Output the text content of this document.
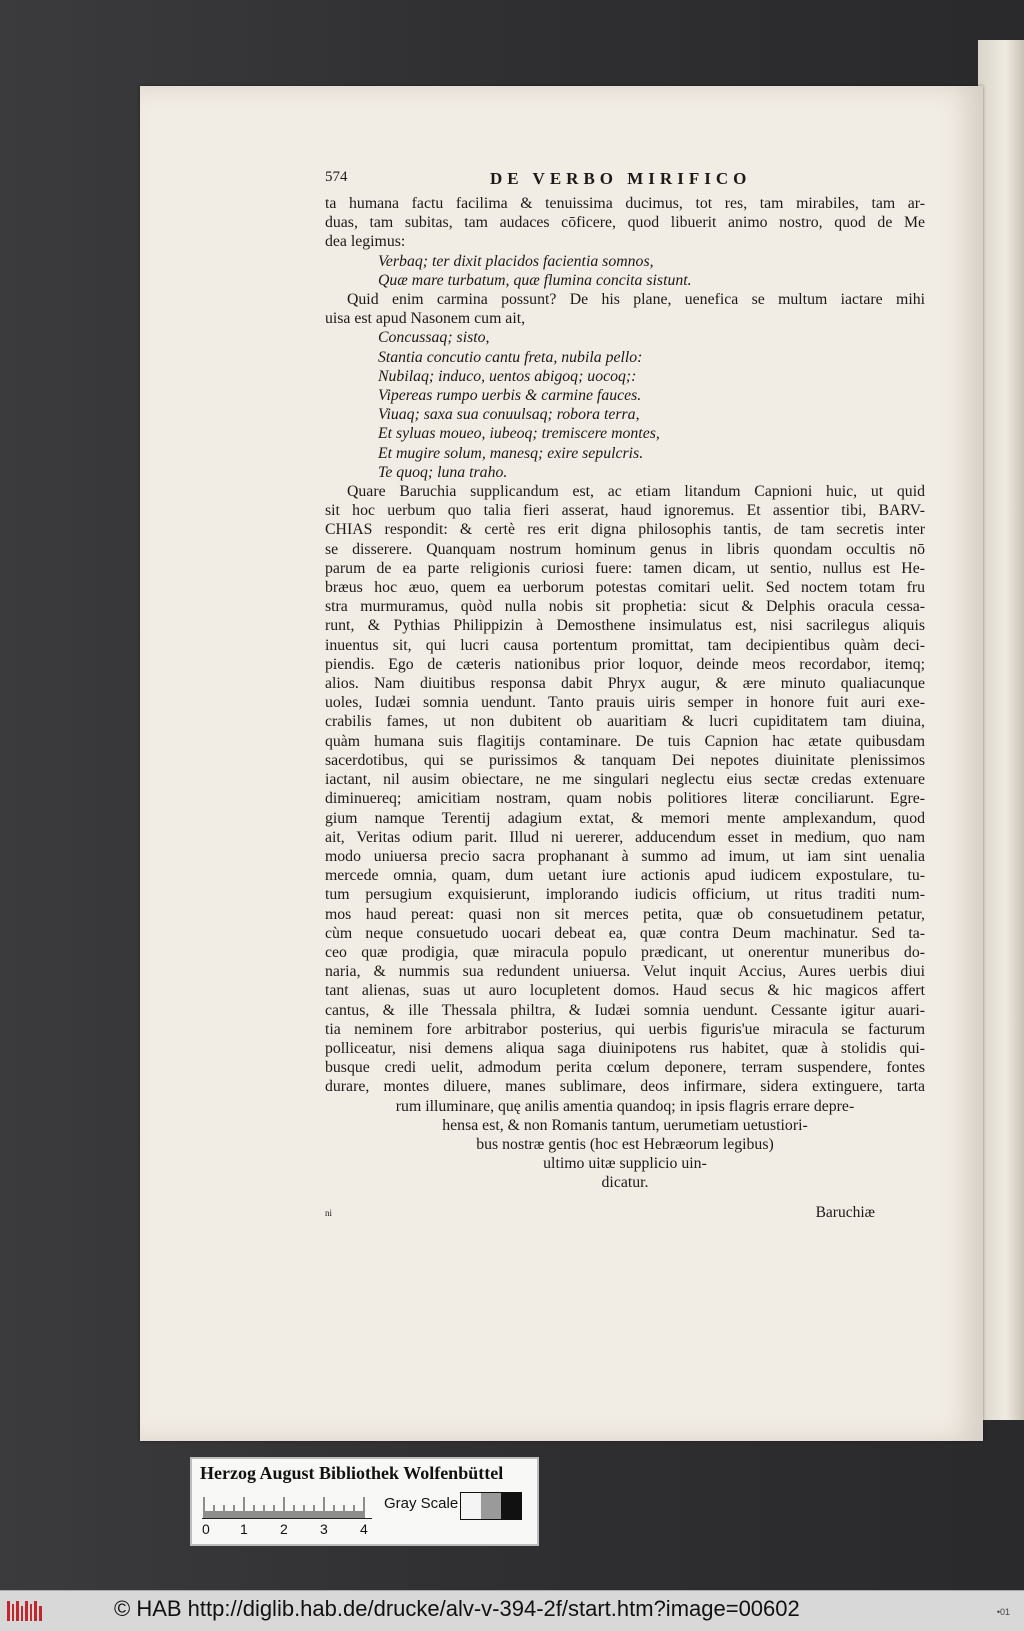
574	DE VERBO MIRIFICO
ta humana factu facilima & tenuissima ducimus, tot res, tam mirabiles, tam ar-
duas, tam subitas, tam audaces cōficere, quod libuerit animo nostro, quod de Me
dea legimus:
Verbaq; ter dixit placidos facientia somnos,
Quæ mare turbatum, quæ flumina concita sistunt.
Quid enim carmina possunt? De his plane, uenefica se multum iactare mihi
uisa est apud Nasonem cum ait,
Concussaq; sisto,
Stantia concutio cantu freta, nubila pello:
Nubilaq; induco, uentos abigoq; uocoq;:
Vipereas rumpo uerbis & carmine fauces.
Viuaq; saxa sua conuulsaq; robora terra,
Et syluas moueo, iubeoq; tremiscere montes,
Et mugire solum, manesq; exire sepulcris.
Te quoq; luna traho.
Quare Baruchia supplicandum est, ac etiam litandum Capnioni huic, ut quid
sit hoc uerbum quo talia fieri asserat, haud ignoremus. Et assentior tibi, BARV-
CHIAS respondit: & certè res erit digna philosophis tantis, de tam secretis inter
se disserere. Quanquam nostrum hominum genus in libris quondam occultis nō
parum de ea parte religionis curiosi fuere: tamen dicam, ut sentio, nullus est He-
bræus hoc æuo, quem ea uerborum potestas comitari uelit. Sed noctem totam fru
stra murmuramus, quòd nulla nobis sit prophetia: sicut & Delphis oracula cessa-
runt, & Pythias Philippizin à Demosthene insimulatus est, nisi sacrilegus aliquis
inuentus sit, qui lucri causa portentum promittat, tam decipientibus quàm deci-
piendis. Ego de cæteris nationibus prior loquor, deinde meos recordabor, itemq;
alios. Nam diuitibus responsa dabit Phryx augur, & ære minuto qualiacunque
uoles, Iudæi somnia uendunt. Tanto prauis uiris semper in honore fuit auri exe-
crabilis fames, ut non dubitent ob auaritiam & lucri cupiditatem tam diuina,
quàm humana suis flagitijs contaminare. De tuis Capnion hac ætate quibusdam
sacerdotibus, qui se purissimos & tanquam Dei nepotes diuinitate plenissimos
iactant, nil ausim obiectare, ne me singulari neglectu eius sectæ credas extenuare
diminuereq; amicitiam nostram, quam nobis politiores literæ conciliarunt. Egre-
gium namque Terentij adagium extat, & memori mente amplexandum, quod
ait, Veritas odium parit. Illud ni uererer, adducendum esset in medium, quo nam
modo uniuersa precio sacra prophanant à summo ad imum, ut iam sint uenalia
mercede omnia, quam, dum uetant iure actionis apud iudicem expostulare, tu-
tum persugium exquisierunt, implorando iudicis officium, ut ritus traditi num-
mos haud pereat: quasi non sit merces petita, quæ ob consuetudinem petatur,
cùm neque consuetudo uocari debeat ea, quæ contra Deum machinatur. Sed ta-
ceo quæ prodigia, quæ miracula populo prædicant, ut onerentur muneribus do-
naria, & nummis sua redundent uniuersa. Velut inquit Accius, Aures uerbis diui
tant alienas, suas ut auro locupletent domos. Haud secus & hic magicos affert
cantus, & ille Thessala philtra, & Iudæi somnia uendunt. Cessante igitur auari-
tia neminem fore arbitrabor posterius, qui uerbis figuris'ue miracula se facturum
polliceatur, nisi demens aliqua saga diuinipotens rus habitet, quæ à stolidis qui-
busque credi uelit, admodum perita cœlum deponere, terram suspendere, fontes
durare, montes diluere, manes sublimare, deos infirmare, sidera extinguere, tarta
rum illuminare, quę anilis amentia quandoq; in ipsis flagris errare depre-
hensa est, & non Romanis tantum, uerumetiam uetustiori-
bus nostræ gentis (hoc est Hebræorum legibus)
ultimo uitæ supplicio uin-
dicatur.
ni	Baruchiæ
Herzog August Bibliothek Wolfenbüttel
0 1 2 3 4
Gray Scale
© HAB http://diglib.hab.de/drucke/alv-v-394-2f/start.htm?image=00602	•01
